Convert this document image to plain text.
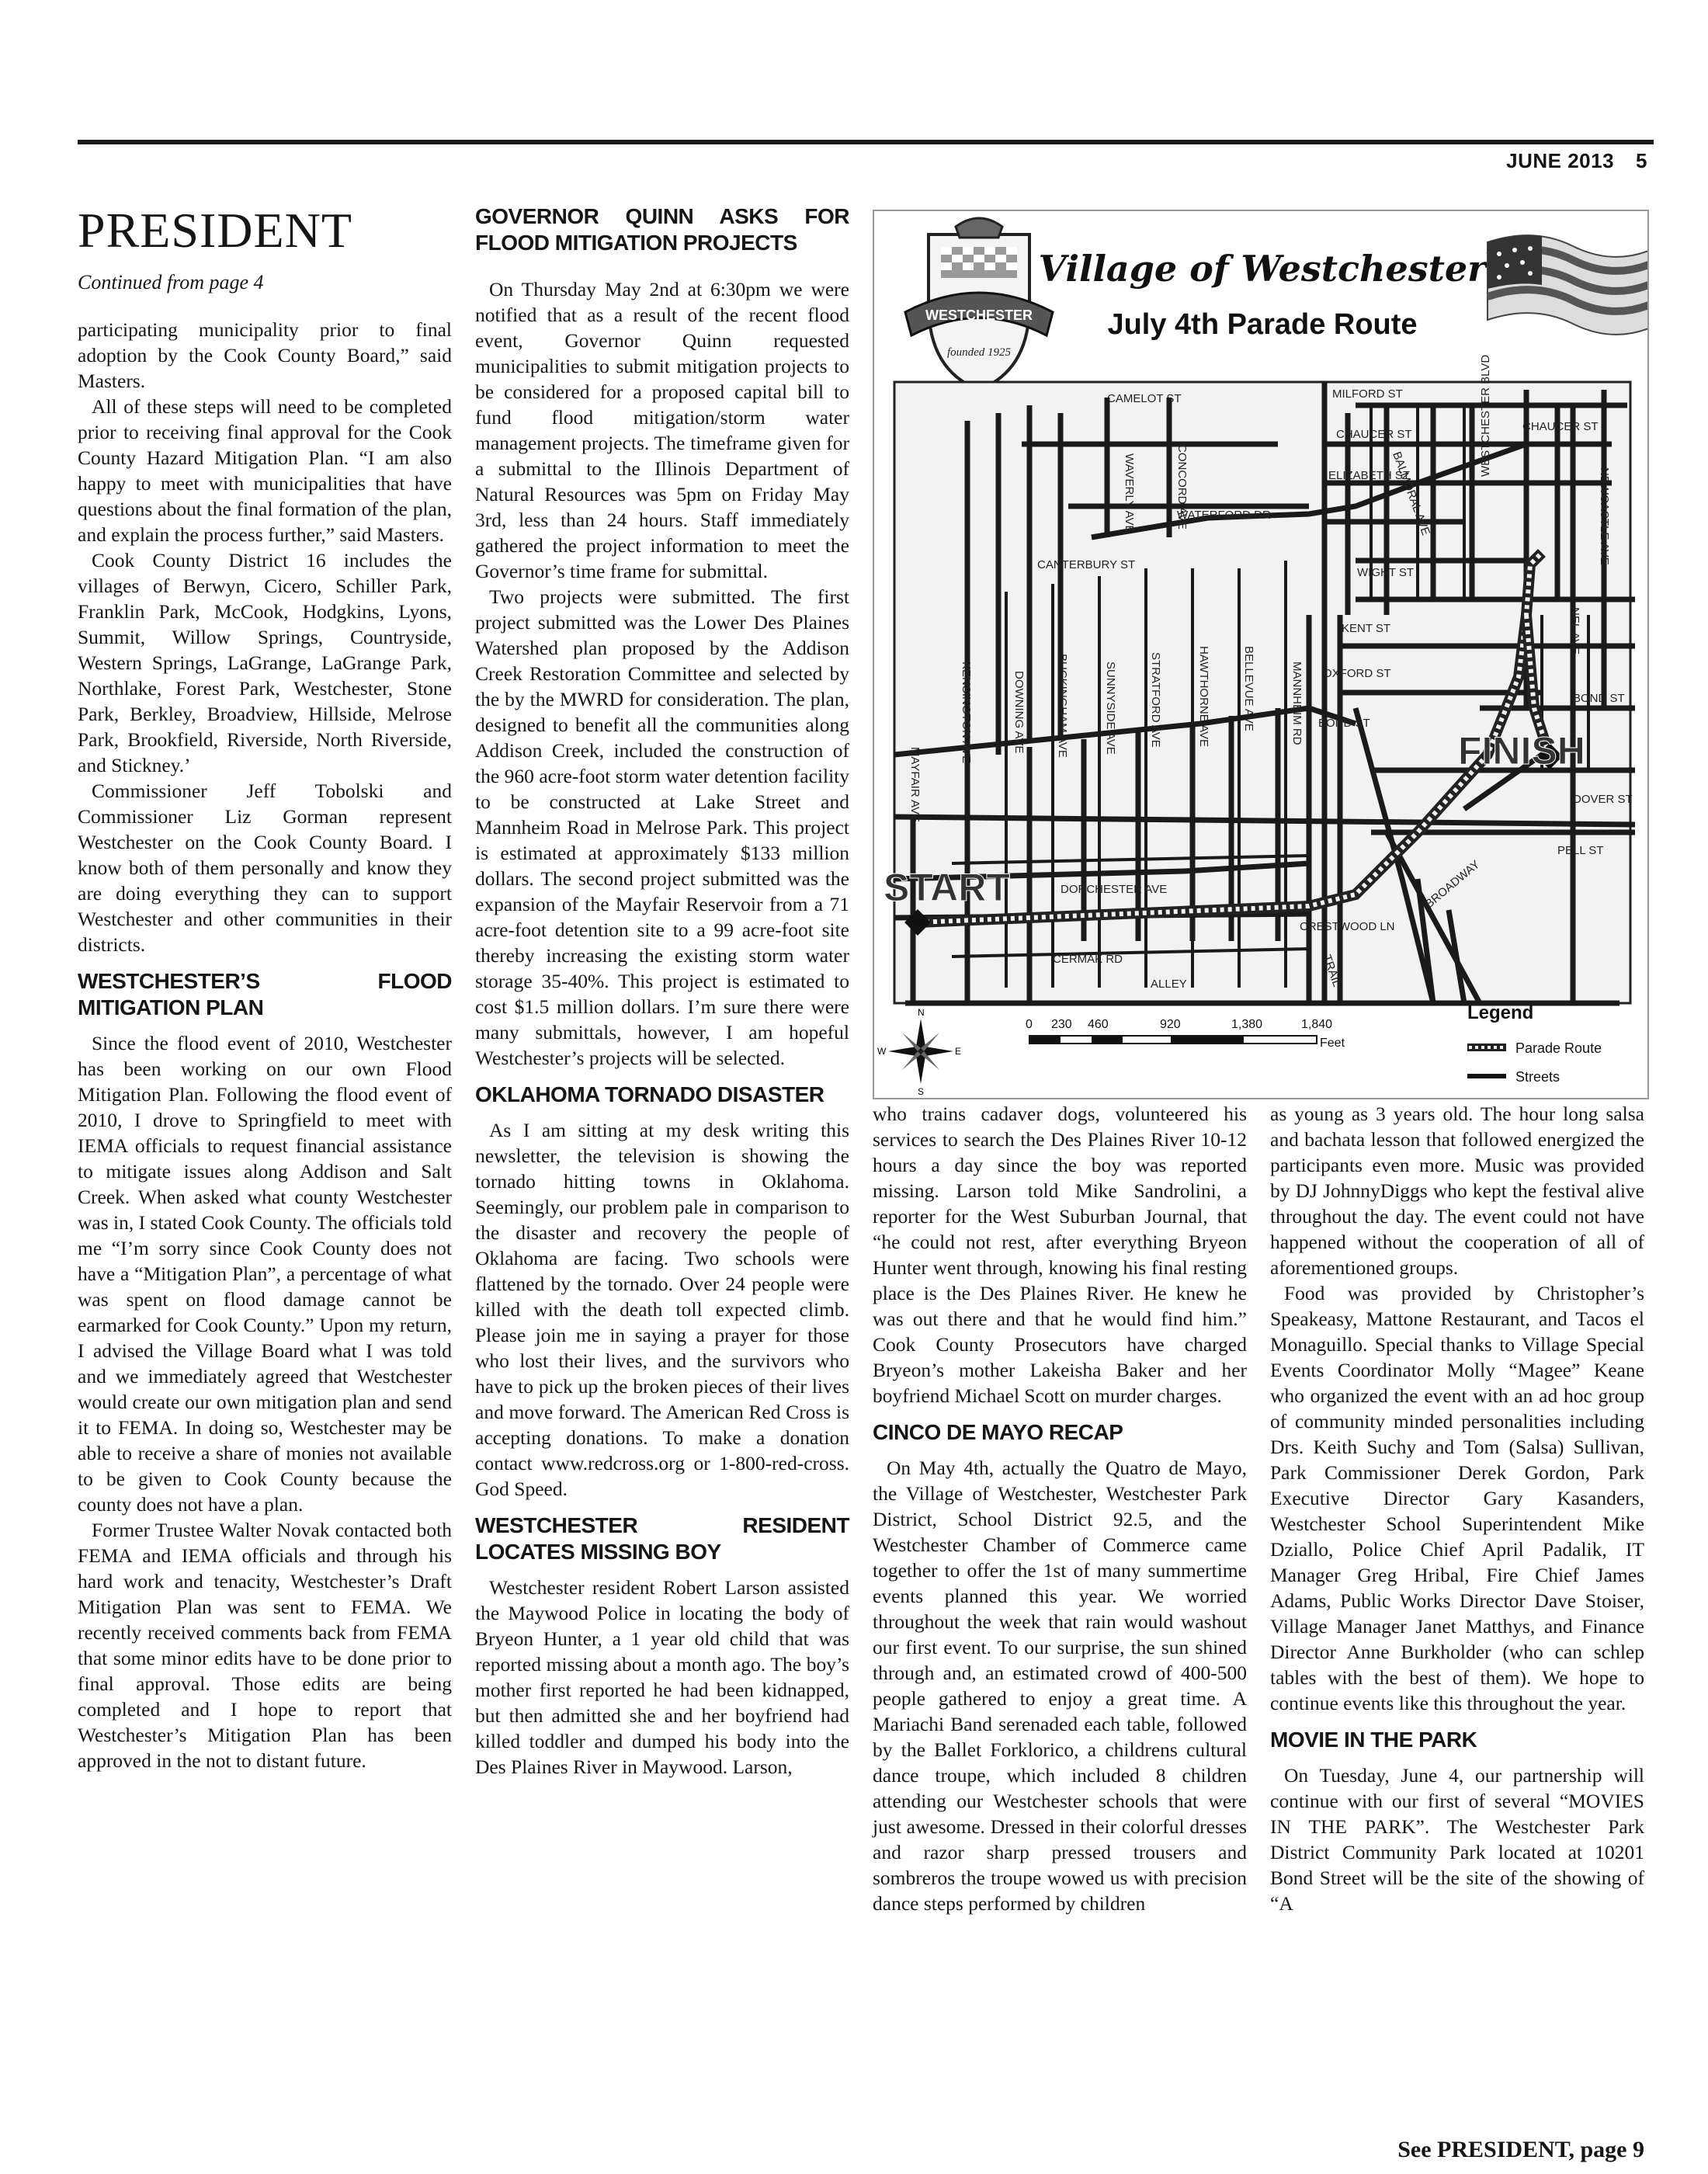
JUNE 2013 5
PRESIDENT
Continued from page 4

participating municipality prior to final adoption by the Cook County Board,” said Masters.

All of these steps will need to be completed prior to receiving final approval for the Cook County Hazard Mitigation Plan. “I am also happy to meet with municipalities that have questions about the final formation of the plan, and explain the process further,” said Masters.

Cook County District 16 includes the villages of Berwyn, Cicero, Schiller Park, Franklin Park, McCook, Hodgkins, Lyons, Summit, Willow Springs, Countryside, Western Springs, LaGrange, LaGrange Park, Northlake, Forest Park, Westchester, Stone Park, Berkley, Broadview, Hillside, Melrose Park, Brookfield, Riverside, North Riverside, and Stickney.’

Commissioner Jeff Tobolski and Commissioner Liz Gorman represent Westchester on the Cook County Board. I know both of them personally and know they are doing everything they can to support Westchester and other communities in their districts.

WESTCHESTER’S FLOOD MITIGATION PLAN

Since the flood event of 2010, Westchester has been working on our own Flood Mitigation Plan. Following the flood event of 2010, I drove to Springfield to meet with IEMA officials to request financial assistance to mitigate issues along Addison and Salt Creek. When asked what county Westchester was in, I stated Cook County. The officials told me “I’m sorry since Cook County does not have a “Mitigation Plan”, a percentage of what was spent on flood damage cannot be earmarked for Cook County.” Upon my return, I advised the Village Board what I was told and we immediately agreed that Westchester would create our own mitigation plan and send it to FEMA. In doing so, Westchester may be able to receive a share of monies not available to be given to Cook County because the county does not have a plan.

Former Trustee Walter Novak contacted both FEMA and IEMA officials and through his hard work and tenacity, Westchester’s Draft Mitigation Plan was sent to FEMA. We recently received comments back from FEMA that some minor edits have to be done prior to final approval. Those edits are being completed and I hope to report that Westchester’s Mitigation Plan has been approved in the not to distant future.

GOVERNOR QUINN ASKS FOR FLOOD MITIGATION PROJECTS

On Thursday May 2nd at 6:30pm we were notified that as a result of the recent flood event, Governor Quinn requested municipalities to submit mitigation projects to be considered for a proposed capital bill to fund flood mitigation/storm water management projects. The timeframe given for a submittal to the Illinois Department of Natural Resources was 5pm on Friday May 3rd, less than 24 hours. Staff immediately gathered the project information to meet the Governor’s time frame for submittal.

Two projects were submitted. The first project submitted was the Lower Des Plaines Watershed plan proposed by the Addison Creek Restoration Committee and selected by the by the MWRD for consideration. The plan, designed to benefit all the communities along Addison Creek, included the construction of the 960 acre-foot storm water detention facility to be constructed at Lake Street and Mannheim Road in Melrose Park. This project is estimated at approximately $133 million dollars. The second project submitted was the expansion of the Mayfair Reservoir from a 71 acre-foot detention site to a 99 acre-foot site thereby increasing the existing storm water storage 35-40%. This project is estimated to cost $1.5 million dollars. I’m sure there were many submittals, however, I am hopeful Westchester’s projects will be selected.

OKLAHOMA TORNADO DISASTER

As I am sitting at my desk writing this newsletter, the television is showing the tornado hitting towns in Oklahoma. Seemingly, our problem pale in comparison to the disaster and recovery the people of Oklahoma are facing. Two schools were flattened by the tornado. Over 24 people were killed with the death toll expected climb. Please join me in saying a prayer for those who lost their lives, and the survivors who have to pick up the broken pieces of their lives and move forward. The American Red Cross is accepting donations. To make a donation contact www.redcross.org or 1-800-red-cross. God Speed.

WESTCHESTER RESIDENT LOCATES MISSING BOY

Westchester resident Robert Larson assisted the Maywood Police in locating the body of Bryeon Hunter, a 1 year old child that was reported missing about a month ago. The boy’s mother first reported he had been kidnapped, but then admitted she and her boyfriend had killed toddler and dumped his body into the Des Plaines River in Maywood. Larson,

WESTCHESTER
founded 1925
Village of Westchester
July 4th Parade Route
START
FINISH
CAMELOT ST
WAVERLY AVE	CONCORD AVE
WATERFORD DR
CANTERBURY ST
MILFORD ST
CHAUCER ST
CHAUCER ST
ELIZABETH ST
BALMORAL AVE
WESTCHESTER BLVD
NEWCASTLE AVE
WIGHT ST
KENT ST
OXFORD ST
BOND ST
BOND ST
DOVER ST
PELL ST
NEL AVE
KENSINGTON AVE	DOWNING AVE	BUCKINGHAM AVE	SUNNYSIDE AVE	STRATFORD AVE	HAWTHORNE AVE	BELLEVUE AVE	MANNHEIM RD
MAYFAIR AVE
DORCHESTER AVE
CRESTWOOD LN
BROADWAY
CERMAK RD	TRAIL
ALLEY
N
S
E
W
0 230 460	920	1,380	1,840
Feet
Legend
Parade Route
Streets

who trains cadaver dogs, volunteered his services to search the Des Plaines River 10-12 hours a day since the boy was reported missing. Larson told Mike Sandrolini, a reporter for the West Suburban Journal, that “he could not rest, after everything Bryeon Hunter went through, knowing his final resting place is the Des Plaines River. He knew he was out there and that he would find him.” Cook County Prosecutors have charged Bryeon’s mother Lakeisha Baker and her boyfriend Michael Scott on murder charges.

CINCO DE MAYO RECAP

On May 4th, actually the Quatro de Mayo, the Village of Westchester, Westchester Park District, School District 92.5, and the Westchester Chamber of Commerce came together to offer the 1st of many summertime events planned this year. We worried throughout the week that rain would washout our first event. To our surprise, the sun shined through and, an estimated crowd of 400-500 people gathered to enjoy a great time. A Mariachi Band serenaded each table, followed by the Ballet Forklorico, a childrens cultural dance troupe, which included 8 children attending our Westchester schools that were just awesome. Dressed in their colorful dresses and razor sharp pressed trousers and sombreros the troupe wowed us with precision dance steps performed by children

as young as 3 years old. The hour long salsa and bachata lesson that followed energized the participants even more. Music was provided by DJ JohnnyDiggs who kept the festival alive throughout the day. The event could not have happened without the cooperation of all of aforementioned groups.

Food was provided by Christopher’s Speakeasy, Mattone Restaurant, and Tacos el Monaguillo. Special thanks to Village Special Events Coordinator Molly “Magee” Keane who organized the event with an ad hoc group of community minded personalities including Drs. Keith Suchy and Tom (Salsa) Sullivan, Park Commissioner Derek Gordon, Park Executive Director Gary Kasanders, Westchester School Superintendent Mike Dziallo, Police Chief April Padalik, IT Manager Greg Hribal, Fire Chief James Adams, Public Works Director Dave Stoiser, Village Manager Janet Matthys, and Finance Director Anne Burkholder (who can schlep tables with the best of them). We hope to continue events like this throughout the year.

MOVIE IN THE PARK

On Tuesday, June 4, our partnership will continue with our first of several “MOVIES IN THE PARK”. The Westchester Park District Community Park located at 10201 Bond Street will be the site of the showing of “A

See PRESIDENT, page 9
